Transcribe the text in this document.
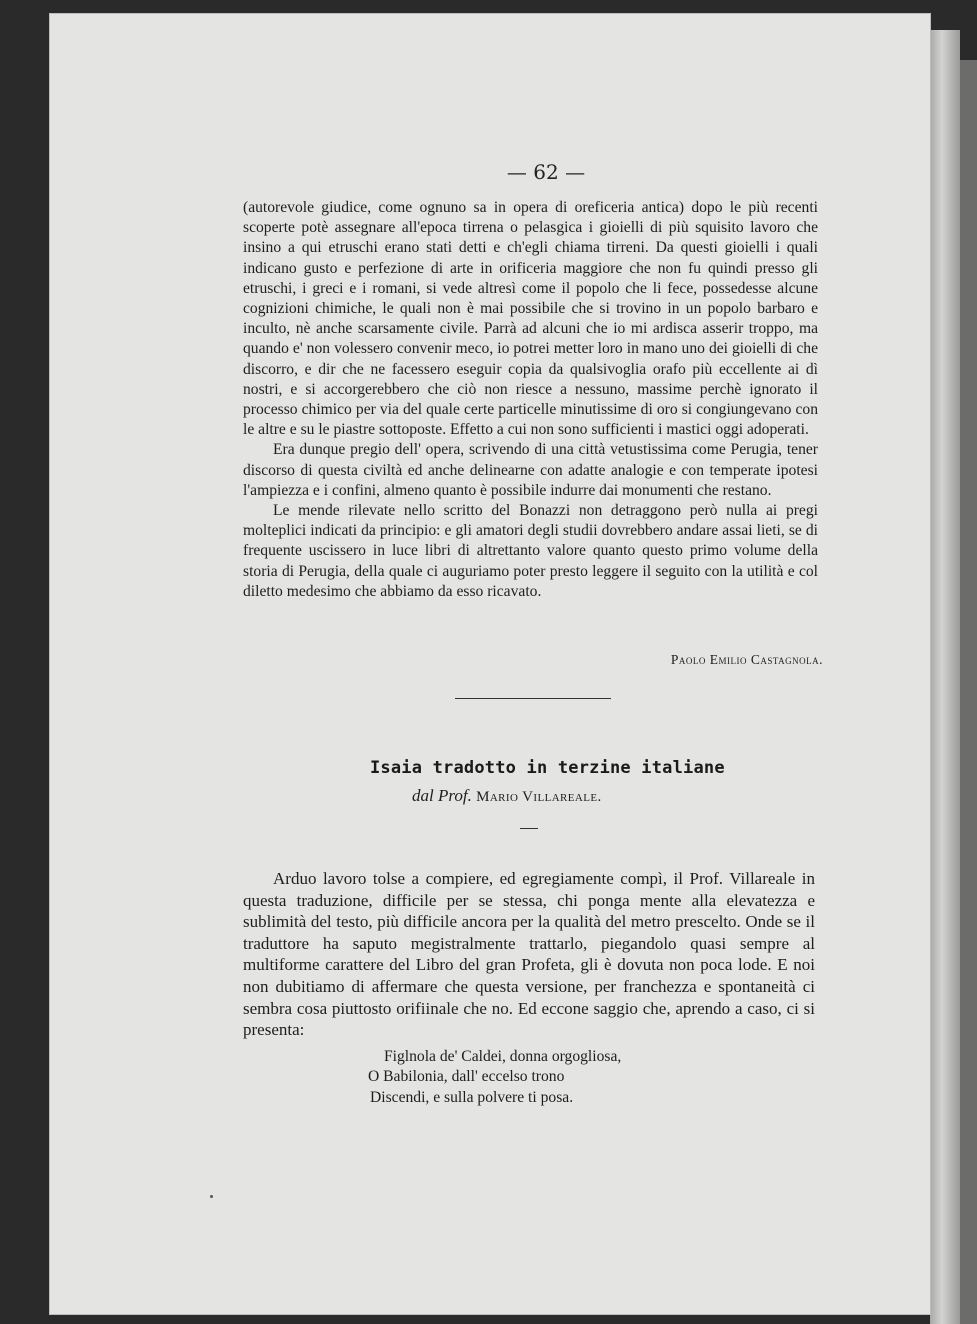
— 62 —

(autorevole giudice, come ognuno sa in opera di oreficeria antica) dopo le più recenti scoperte potè assegnare all'epoca tirrena o pelasgica i gioielli di più squisito lavoro che insino a qui etruschi erano stati detti e ch'egli chiama tirreni. Da questi gioielli i quali indicano gusto e perfezione di arte in orificeria maggiore che non fu quindi presso gli etruschi, i greci e i romani, si vede altresì come il popolo che li fece, possedesse alcune cognizioni chimiche, le quali non è mai possibile che si trovino in un popolo barbaro e inculto, nè anche scarsamente civile. Parrà ad alcuni che io mi ardisca asserir troppo, ma quando e' non volessero convenir meco, io potrei metter loro in mano uno dei gioielli di che discorro, e dir che ne facessero eseguir copia da qualsivoglia orafo più eccellente ai dì nostri, e si accorgerebbero che ciò non riesce a nessuno, massime perchè ignorato il processo chimico per via del quale certe particelle minutissime di oro si congiungevano con le altre e su le piastre sottoposte. Effetto a cui non sono sufficienti i mastici oggi adoperati.

Era dunque pregio dell' opera, scrivendo di una città vetustissima come Perugia, tener discorso di questa civiltà ed anche delinearne con adatte analogie e con temperate ipotesi l'ampiezza e i confini, almeno quanto è possibile indurre dai monumenti che restano.

Le mende rilevate nello scritto del Bonazzi non detraggono però nulla ai pregi molteplici indicati da principio: e gli amatori degli studii dovrebbero andare assai lieti, se di frequente uscissero in luce libri di altrettanto valore quanto questo primo volume della storia di Perugia, della quale ci auguriamo poter presto leggere il seguito con la utilità e col diletto medesimo che abbiamo da esso ricavato.

Paolo Emilio Castagnola.
Isaia tradotto in terzine italiane
dal Prof. Mario Villareale.

Arduo lavoro tolse a compiere, ed egregiamente compì, il Prof. Villareale in questa traduzione, difficile per se stessa, chi ponga mente alla elevatezza e sublimità del testo, più difficile ancora per la qualità del metro prescelto. Onde se il traduttore ha saputo megistralmente trattarlo, piegandolo quasi sempre al multiforme carattere del Libro del gran Profeta, gli è dovuta non poca lode. E noi non dubitiamo di affermare che questa versione, per franchezza e spontaneità ci sembra cosa piuttosto orifiinale che no. Ed eccone saggio che, aprendo a caso, ci si presenta:

Figlnola de' Caldei, donna orgogliosa,
O Babilonia, dall' eccelso trono
Discendi, e sulla polvere ti posa.
